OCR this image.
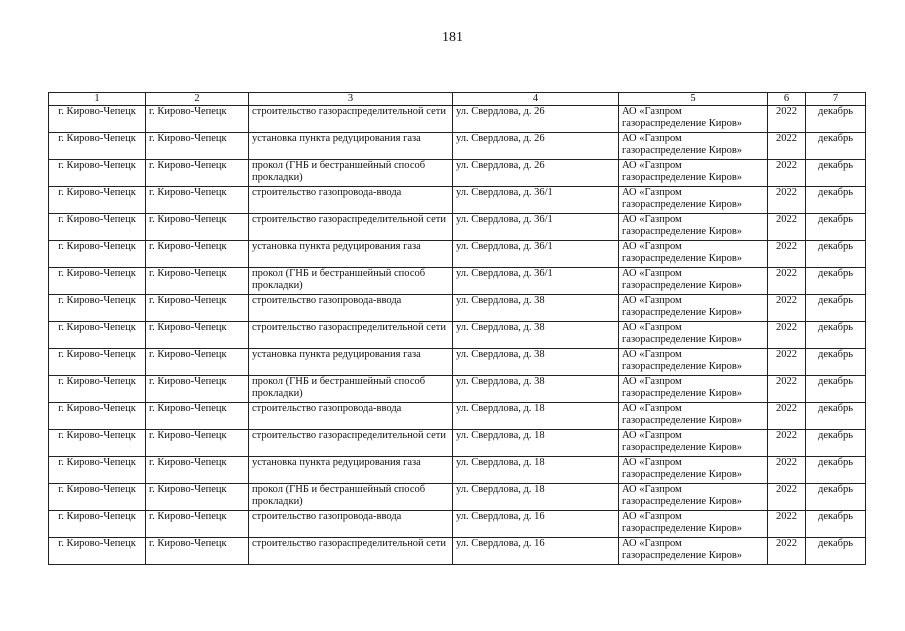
181
1	2	3	4	5	6	7
г. Кирово-Чепецк	г. Кирово-Чепецк	строительство газораспределительной сети	ул. Свердлова, д. 26	АО «Газпром газораспределение Киров»	2022	декабрь
г. Кирово-Чепецк	г. Кирово-Чепецк	установка пункта редуцирования газа	ул. Свердлова, д. 26	АО «Газпром газораспределение Киров»	2022	декабрь
г. Кирово-Чепецк	г. Кирово-Чепецк	прокол (ГНБ и бестраншейный способ прокладки)	ул. Свердлова, д. 26	АО «Газпром газораспределение Киров»	2022	декабрь
г. Кирово-Чепецк	г. Кирово-Чепецк	строительство газопровода-ввода	ул. Свердлова, д. 36/1	АО «Газпром газораспределение Киров»	2022	декабрь
г. Кирово-Чепецк	г. Кирово-Чепецк	строительство газораспределительной сети	ул. Свердлова, д. 36/1	АО «Газпром газораспределение Киров»	2022	декабрь
г. Кирово-Чепецк	г. Кирово-Чепецк	установка пункта редуцирования газа	ул. Свердлова, д. 36/1	АО «Газпром газораспределение Киров»	2022	декабрь
г. Кирово-Чепецк	г. Кирово-Чепецк	прокол (ГНБ и бестраншейный способ прокладки)	ул. Свердлова, д. 36/1	АО «Газпром газораспределение Киров»	2022	декабрь
г. Кирово-Чепецк	г. Кирово-Чепецк	строительство газопровода-ввода	ул. Свердлова, д. 38	АО «Газпром газораспределение Киров»	2022	декабрь
г. Кирово-Чепецк	г. Кирово-Чепецк	строительство газораспределительной сети	ул. Свердлова, д. 38	АО «Газпром газораспределение Киров»	2022	декабрь
г. Кирово-Чепецк	г. Кирово-Чепецк	установка пункта редуцирования газа	ул. Свердлова, д. 38	АО «Газпром газораспределение Киров»	2022	декабрь
г. Кирово-Чепецк	г. Кирово-Чепецк	прокол (ГНБ и бестраншейный способ прокладки)	ул. Свердлова, д. 38	АО «Газпром газораспределение Киров»	2022	декабрь
г. Кирово-Чепецк	г. Кирово-Чепецк	строительство газопровода-ввода	ул. Свердлова, д. 18	АО «Газпром газораспределение Киров»	2022	декабрь
г. Кирово-Чепецк	г. Кирово-Чепецк	строительство газораспределительной сети	ул. Свердлова, д. 18	АО «Газпром газораспределение Киров»	2022	декабрь
г. Кирово-Чепецк	г. Кирово-Чепецк	установка пункта редуцирования газа	ул. Свердлова, д. 18	АО «Газпром газораспределение Киров»	2022	декабрь
г. Кирово-Чепецк	г. Кирово-Чепецк	прокол (ГНБ и бестраншейный способ прокладки)	ул. Свердлова, д. 18	АО «Газпром газораспределение Киров»	2022	декабрь
г. Кирово-Чепецк	г. Кирово-Чепецк	строительство газопровода-ввода	ул. Свердлова, д. 16	АО «Газпром газораспределение Киров»	2022	декабрь
г. Кирово-Чепецк	г. Кирово-Чепецк	строительство газораспределительной сети	ул. Свердлова, д. 16	АО «Газпром газораспределение Киров»	2022	декабрь
